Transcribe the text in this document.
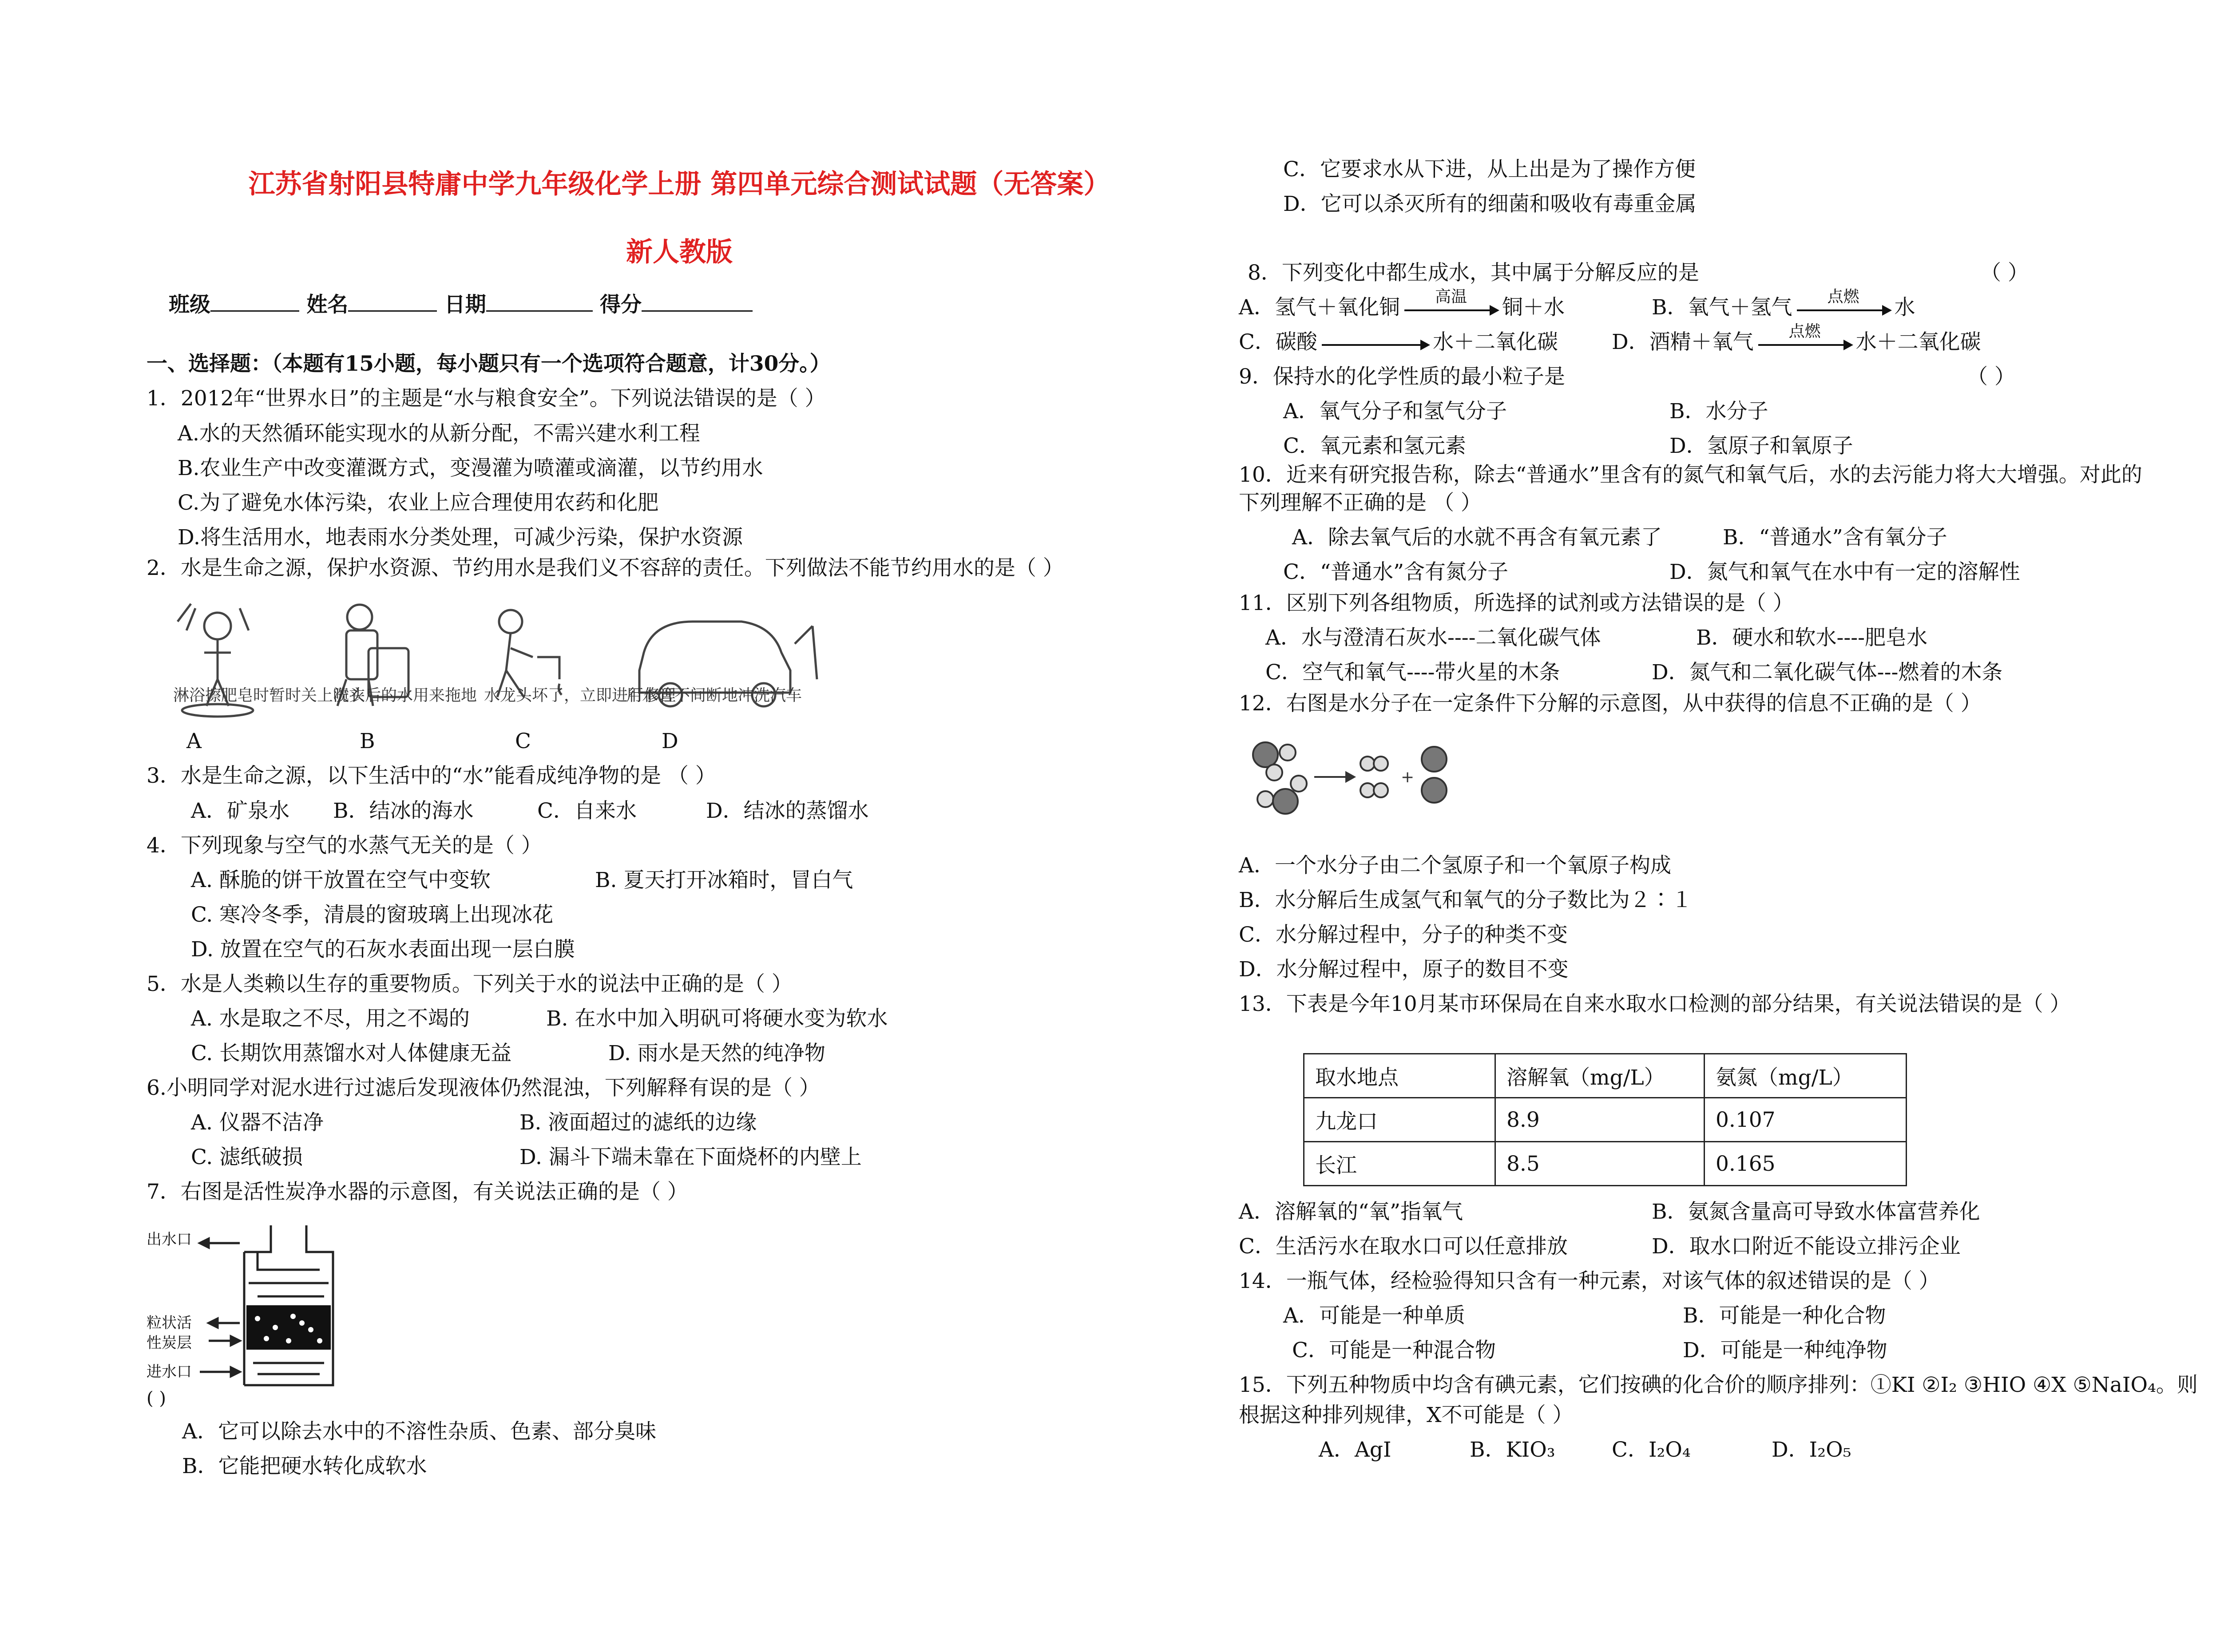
江苏省射阳县特庸中学九年级化学上册 第四单元综合测试试题（无答案）
新人教版
班级	姓名	日期	得分
一、选择题：（本题有15小题，每小题只有一个选项符合题意，计30分。）
1．2012年“世界水日”的主题是“水与粮食安全”。下列说法错误的是（ ）
A.水的天然循环能实现水的从新分配，不需兴建水利工程
B.农业生产中改变灌溉方式，变漫灌为喷灌或滴灌，以节约用水
C.为了避免水体污染，农业上应合理使用农药和化肥
D.将生活用水，地表雨水分类处理，可减少污染，保护水资源
2．水是生命之源，保护水资源、节约用水是我们义不容辞的责任。下列做法不能节约用水的是（ ）
淋浴擦肥皂时暂时关上喷头
洗衣后的水用来拖地 水龙头坏了，立即进行修理
用水管不间断地冲洗汽车
A	B	C	D
3．水是生命之源，以下生活中的“水”能看成纯净物的是 （ ）
A．矿泉水 B．结冰的海水	C．自来水	D．结冰的蒸馏水
4．下列现象与空气的水蒸气无关的是（ ）
A. 酥脆的饼干放置在空气中变软	B. 夏天打开冰箱时，冒白气
C. 寒冷冬季，清晨的窗玻璃上出现冰花
D. 放置在空气的石灰水表面出现一层白膜
5．水是人类赖以生存的重要物质。下列关于水的说法中正确的是（ ）
A. 水是取之不尽，用之不竭的	B. 在水中加入明矾可将硬水变为软水
C. 长期饮用蒸馏水对人体健康无益	D. 雨水是天然的纯净物
6.小明同学对泥水进行过滤后发现液体仍然混浊，下列解释有误的是（ ）
A. 仪器不洁净	B. 液面超过的滤纸的边缘
C. 滤纸破损	D. 漏斗下端未靠在下面烧杯的内壁上
7．右图是活性炭净水器的示意图，有关说法正确的是（ ）
出水口
粒状活
性炭层
进水口
( )
A．它可以除去水中的不溶性杂质、色素、部分臭味
B．它能把硬水转化成软水
C．它要求水从下进，从上出是为了操作方便
D．它可以杀灭所有的细菌和吸收有毒重金属
8．下列变化中都生成水，其中属于分解反应的是	（ ）
A．氢气＋氧化铜	高温	铜＋水	B．氧气＋氢气	点燃	水
C．碳酸	水＋二氧化碳	D．酒精＋氧气	点燃	水＋二氧化碳
9．保持水的化学性质的最小粒子是	（ ）
A．氧气分子和氢气分子	B．水分子
C．氧元素和氢元素	D．氢原子和氧原子
10．近来有研究报告称，除去“普通水”里含有的氮气和氧气后，水的去污能力将大大增强。对此的
下列理解不正确的是 （ ）
A．除去氧气后的水就不再含有氧元素了	B．“普通水”含有氧分子
C．“普通水”含有氮分子	D．氮气和氧气在水中有一定的溶解性
11．区别下列各组物质，所选择的试剂或方法错误的是（ ）
A．水与澄清石灰水----二氧化碳气体	B．硬水和软水----肥皂水
C．空气和氧气----带火星的木条	D．氮气和二氧化碳气体---燃着的木条
12．右图是水分子在一定条件下分解的示意图，从中获得的信息不正确的是（ ）
+
A．一个水分子由二个氢原子和一个氧原子构成
B．水分解后生成氢气和氧气的分子数比为２∶１
C．水分解过程中，分子的种类不变
D．水分解过程中，原子的数目不变
13．下表是今年10月某市环保局在自来水取水口检测的部分结果，有关说法错误的是（ ）
取水地点	溶解氧（mg/L）	氨氮（mg/L）
九龙口	8.9	0.107
长江	8.5	0.165
A．溶解氧的“氧”指氧气	B．氨氮含量高可导致水体富营养化
C．生活污水在取水口可以任意排放	D．取水口附近不能设立排污企业
14．一瓶气体，经检验得知只含有一种元素，对该气体的叙述错误的是（ ）
A．可能是一种单质	B．可能是一种化合物
C．可能是一种混合物	D．可能是一种纯净物
15．下列五种物质中均含有碘元素，它们按碘的化合价的顺序排列：①KI ②I₂ ③HIO ④X ⑤NaIO₄。则
根据这种排列规律，X不可能是（ ）
A．AgI	B．KIO₃	C．I₂O₄	D．I₂O₅
